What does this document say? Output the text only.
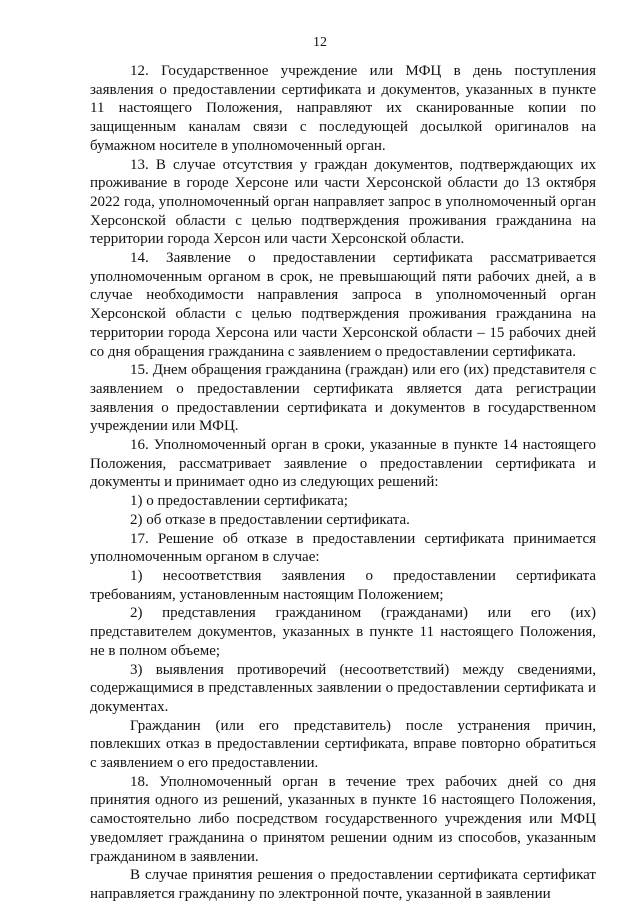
12

12. Государственное учреждение или МФЦ в день поступления заявления о предоставлении сертификата и документов, указанных в пункте 11 настоящего Положения, направляют их сканированные копии по защищенным каналам связи с последующей досылкой оригиналов на бумажном носителе в уполномоченный орган.

13. В случае отсутствия у граждан документов, подтверждающих их проживание в городе Херсоне или части Херсонской области до 13 октября 2022 года, уполномоченный орган направляет запрос в уполномоченный орган Херсонской области с целью подтверждения проживания гражданина на территории города Херсон или части Херсонской области.

14. Заявление о предоставлении сертификата рассматривается уполномоченным органом в срок, не превышающий пяти рабочих дней, а в случае необходимости направления запроса в уполномоченный орган Херсонской области с целью подтверждения проживания гражданина на территории города Херсона или части Херсонской области – 15 рабочих дней со дня обращения гражданина с заявлением о предоставлении сертификата.

15. Днем обращения гражданина (граждан) или его (их) представителя с заявлением о предоставлении сертификата является дата регистрации заявления о предоставлении сертификата и документов в государственном учреждении или МФЦ.

16. Уполномоченный орган в сроки, указанные в пункте 14 настоящего Положения, рассматривает заявление о предоставлении сертификата и документы и принимает одно из следующих решений:

1) о предоставлении сертификата;

2) об отказе в предоставлении сертификата.

17. Решение об отказе в предоставлении сертификата принимается уполномоченным органом в случае:

1) несоответствия заявления о предоставлении сертификата требованиям, установленным настоящим Положением;

2) представления гражданином (гражданами) или его (их) представителем документов, указанных в пункте 11 настоящего Положения, не в полном объеме;

3) выявления противоречий (несоответствий) между сведениями, содержащимися в представленных заявлении о предоставлении сертификата и документах.

Гражданин (или его представитель) после устранения причин, повлекших отказ в предоставлении сертификата, вправе повторно обратиться с заявлением о его предоставлении.

18. Уполномоченный орган в течение трех рабочих дней со дня принятия одного из решений, указанных в пункте 16 настоящего Положения, самостоятельно либо посредством государственного учреждения или МФЦ уведомляет гражданина о принятом решении одним из способов, указанным гражданином в заявлении.

В случае принятия решения о предоставлении сертификата сертификат направляется гражданину по электронной почте, указанной в заявлении
